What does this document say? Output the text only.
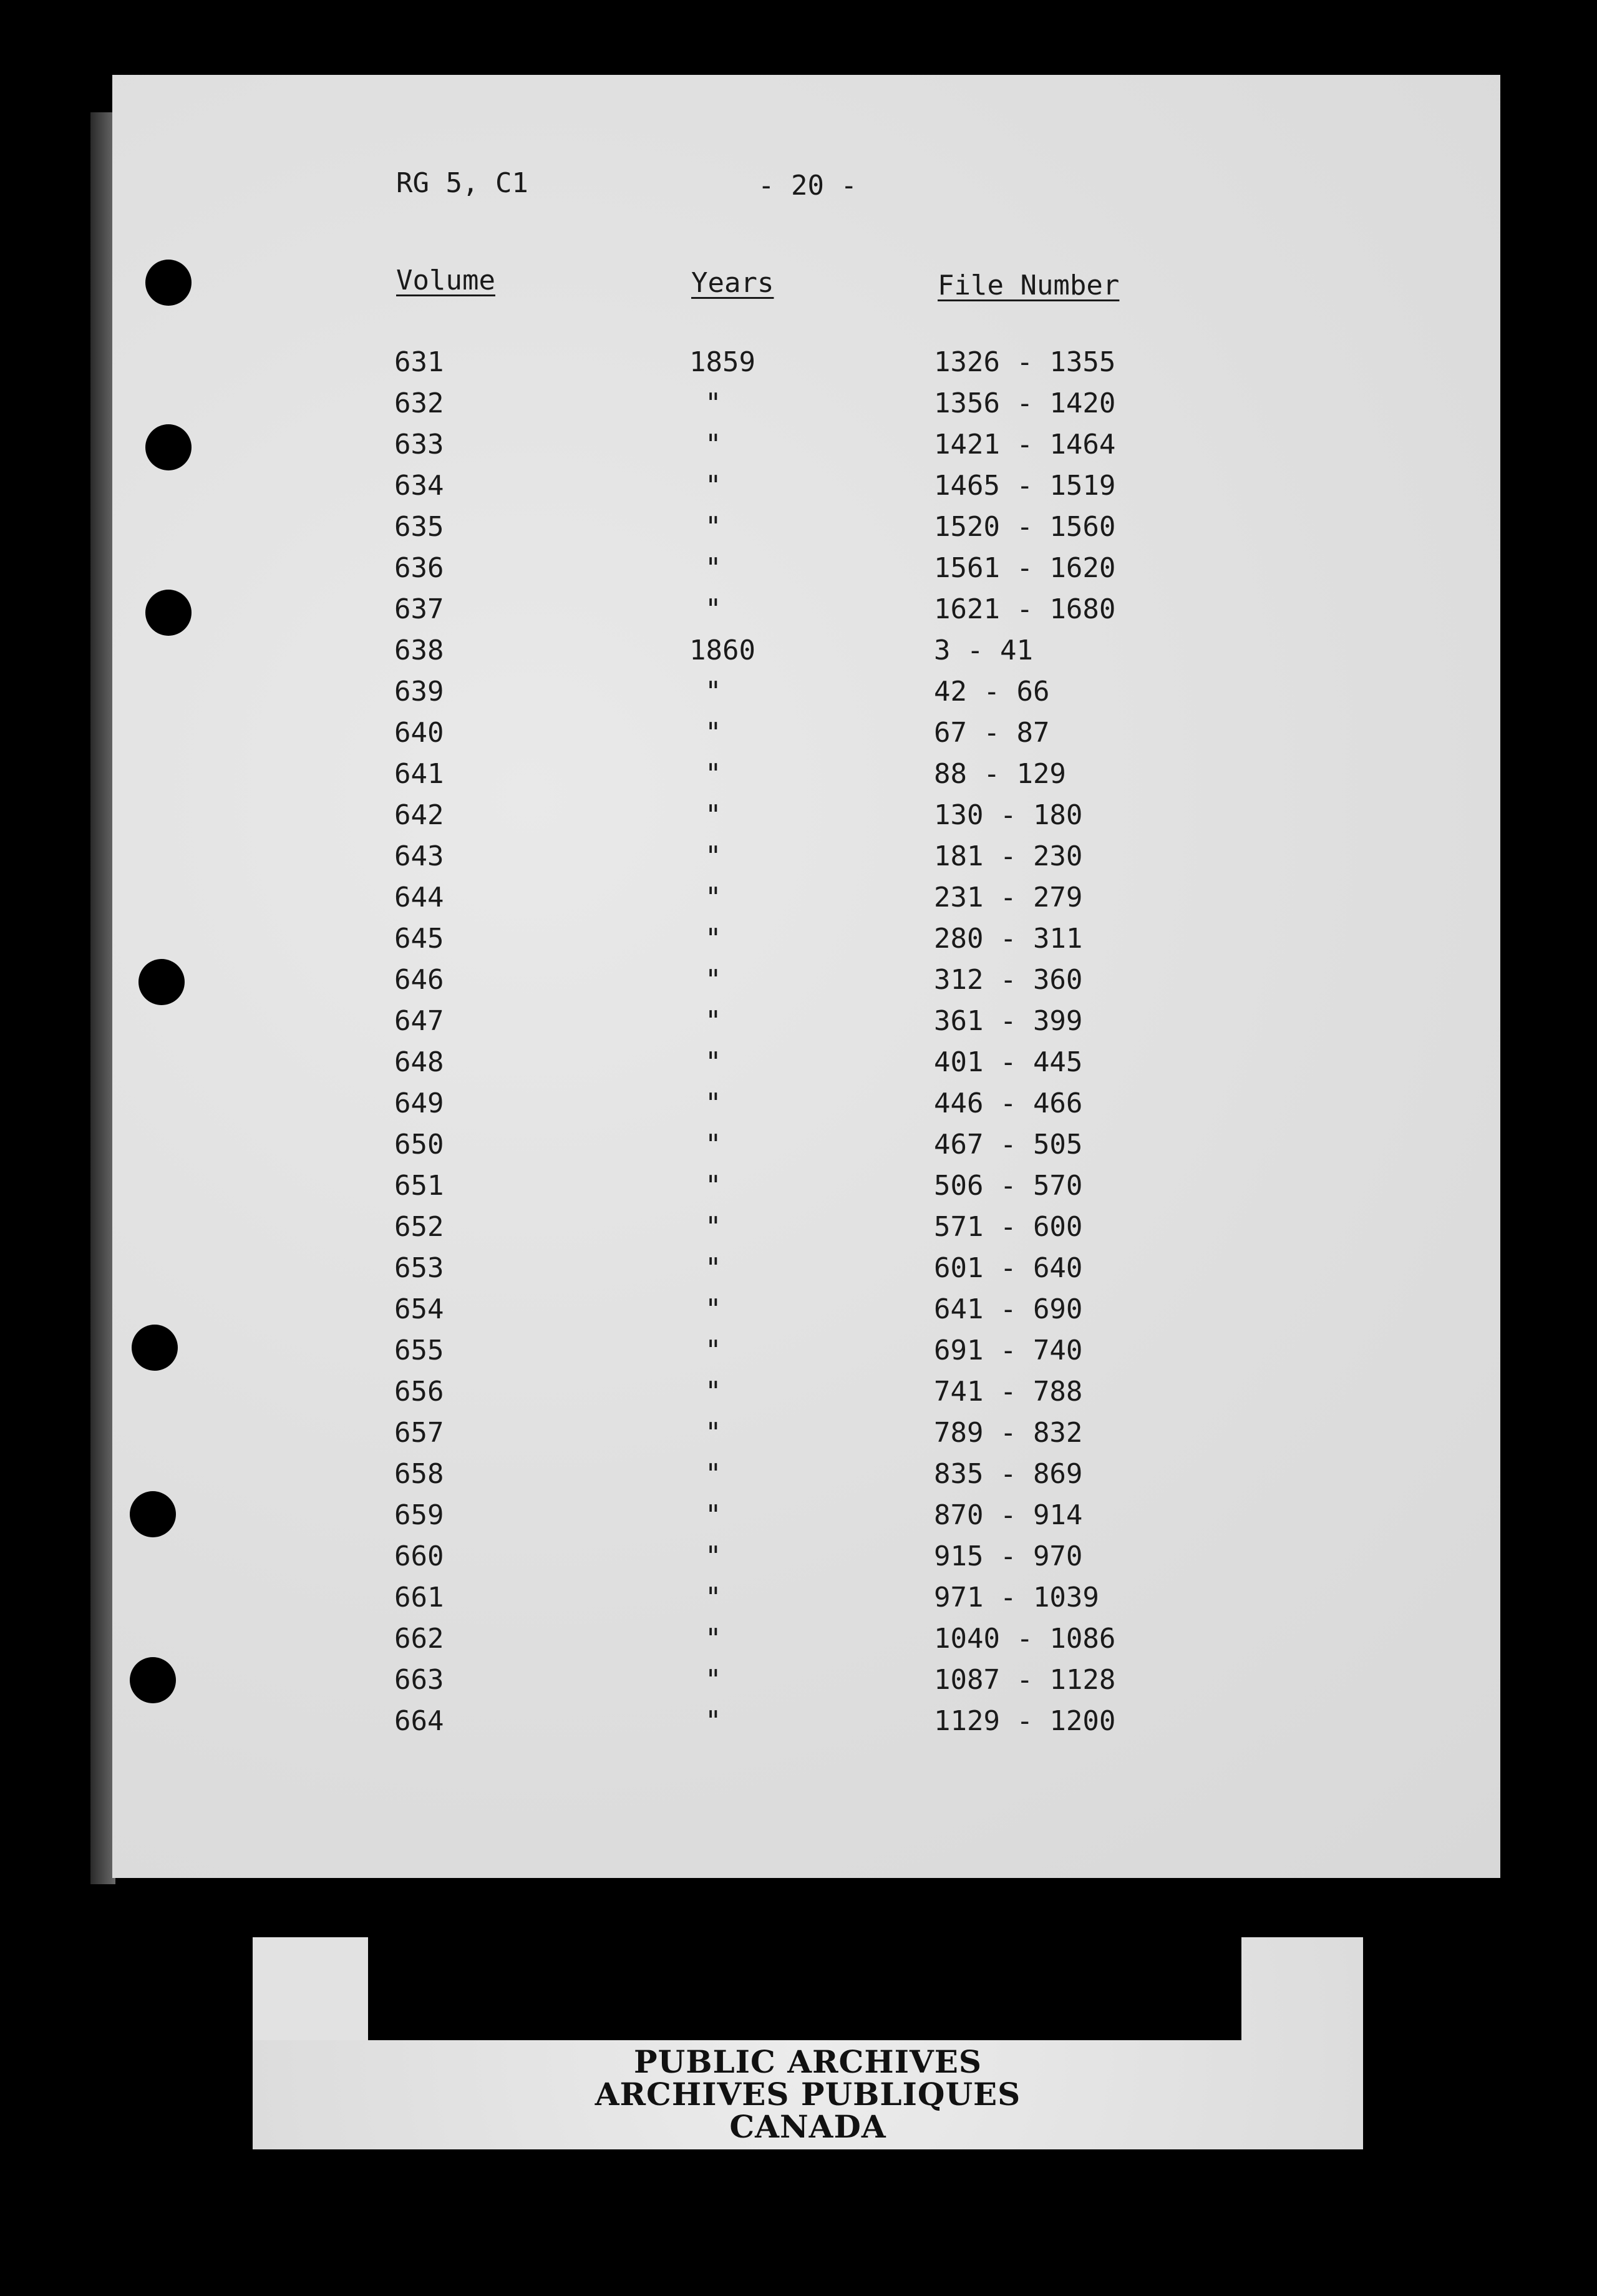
RG 5, C1	- 20 -
Volume	Years	File Number
631	1859	1326 - 1355
632	"	1356 - 1420
633	"	1421 - 1464
634	"	1465 - 1519
635	"	1520 - 1560
636	"	1561 - 1620
637	"	1621 - 1680
638	1860	3 - 41
639	"	42 - 66
640	"	67 - 87
641	"	88 - 129
642	"	130 - 180
643	"	181 - 230
644	"	231 - 279
645	"	280 - 311
646	"	312 - 360
647	"	361 - 399
648	"	401 - 445
649	"	446 - 466
650	"	467 - 505
651	"	506 - 570
652	"	571 - 600
653	"	601 - 640
654	"	641 - 690
655	"	691 - 740
656	"	741 - 788
657	"	789 - 832
658	"	835 - 869
659	"	870 - 914
660	"	915 - 970
661	"	971 - 1039
662	"	1040 - 1086
663	"	1087 - 1128
664	"	1129 - 1200
PUBLIC ARCHIVES
ARCHIVES PUBLIQUES
CANADA
